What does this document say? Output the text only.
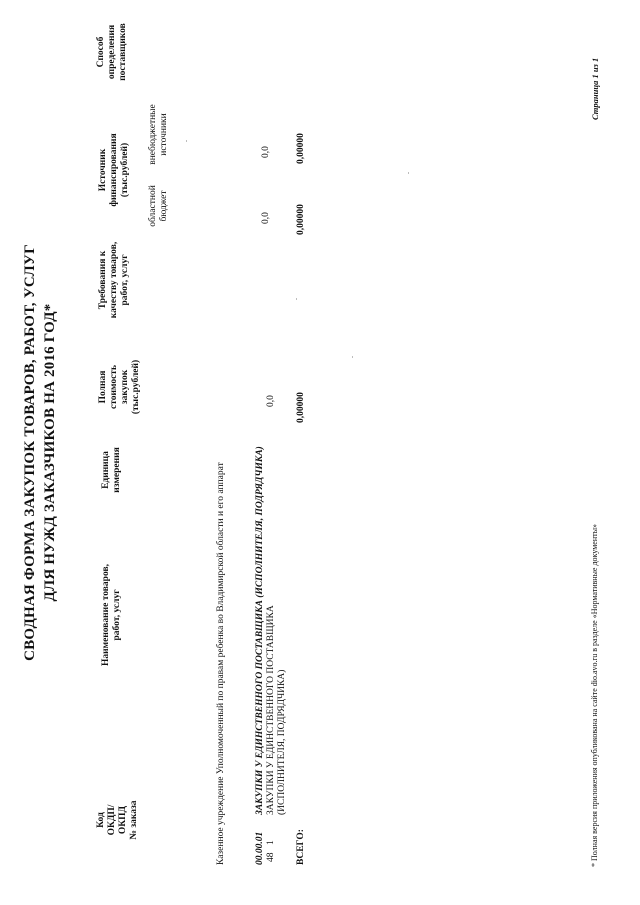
СВОДНАЯ ФОРМА ЗАКУПОК ТОВАРОВ, РАБОТ, УСЛУГ ДЛЯ НУЖД ЗАКАЗЧИКОВ НА 2016 ГОД*
Код ОКДП/ ОКПД № заказа
Наименование товаров, работ, услуг
Единица измерения
Полная стоимость закупок (тыс.рублей)
Требования к качеству товаров, работ, услуг
Источник финансирования (тыс.рублей)
областной бюджет
внебюджетные источники
Способ определения поставщиков
Казенное учреждение Уполномоченный по правам ребенка во Владимирской области и его аппарат	00.00.01
ЗАКУПКИ У ЕДИНСТВЕННОГО ПОСТАВЩИКА (ИСПОЛНИТЕЛЯ, ПОДРЯДЧИКА)
48
1
ЗАКУПКИ У ЕДИНСТВЕННОГО ПОСТАВЩИКА (ИСПОЛНИТЕЛЯ, ПОДРЯДЧИКА)
0,0
0,0
0,0
ВСЕГО:
0,00000
0,00000
0,00000
* Полная версия приложения опубликована на сайте dio.avo.ru в разделе «Нормативные документы»
Страница 1 из 1
